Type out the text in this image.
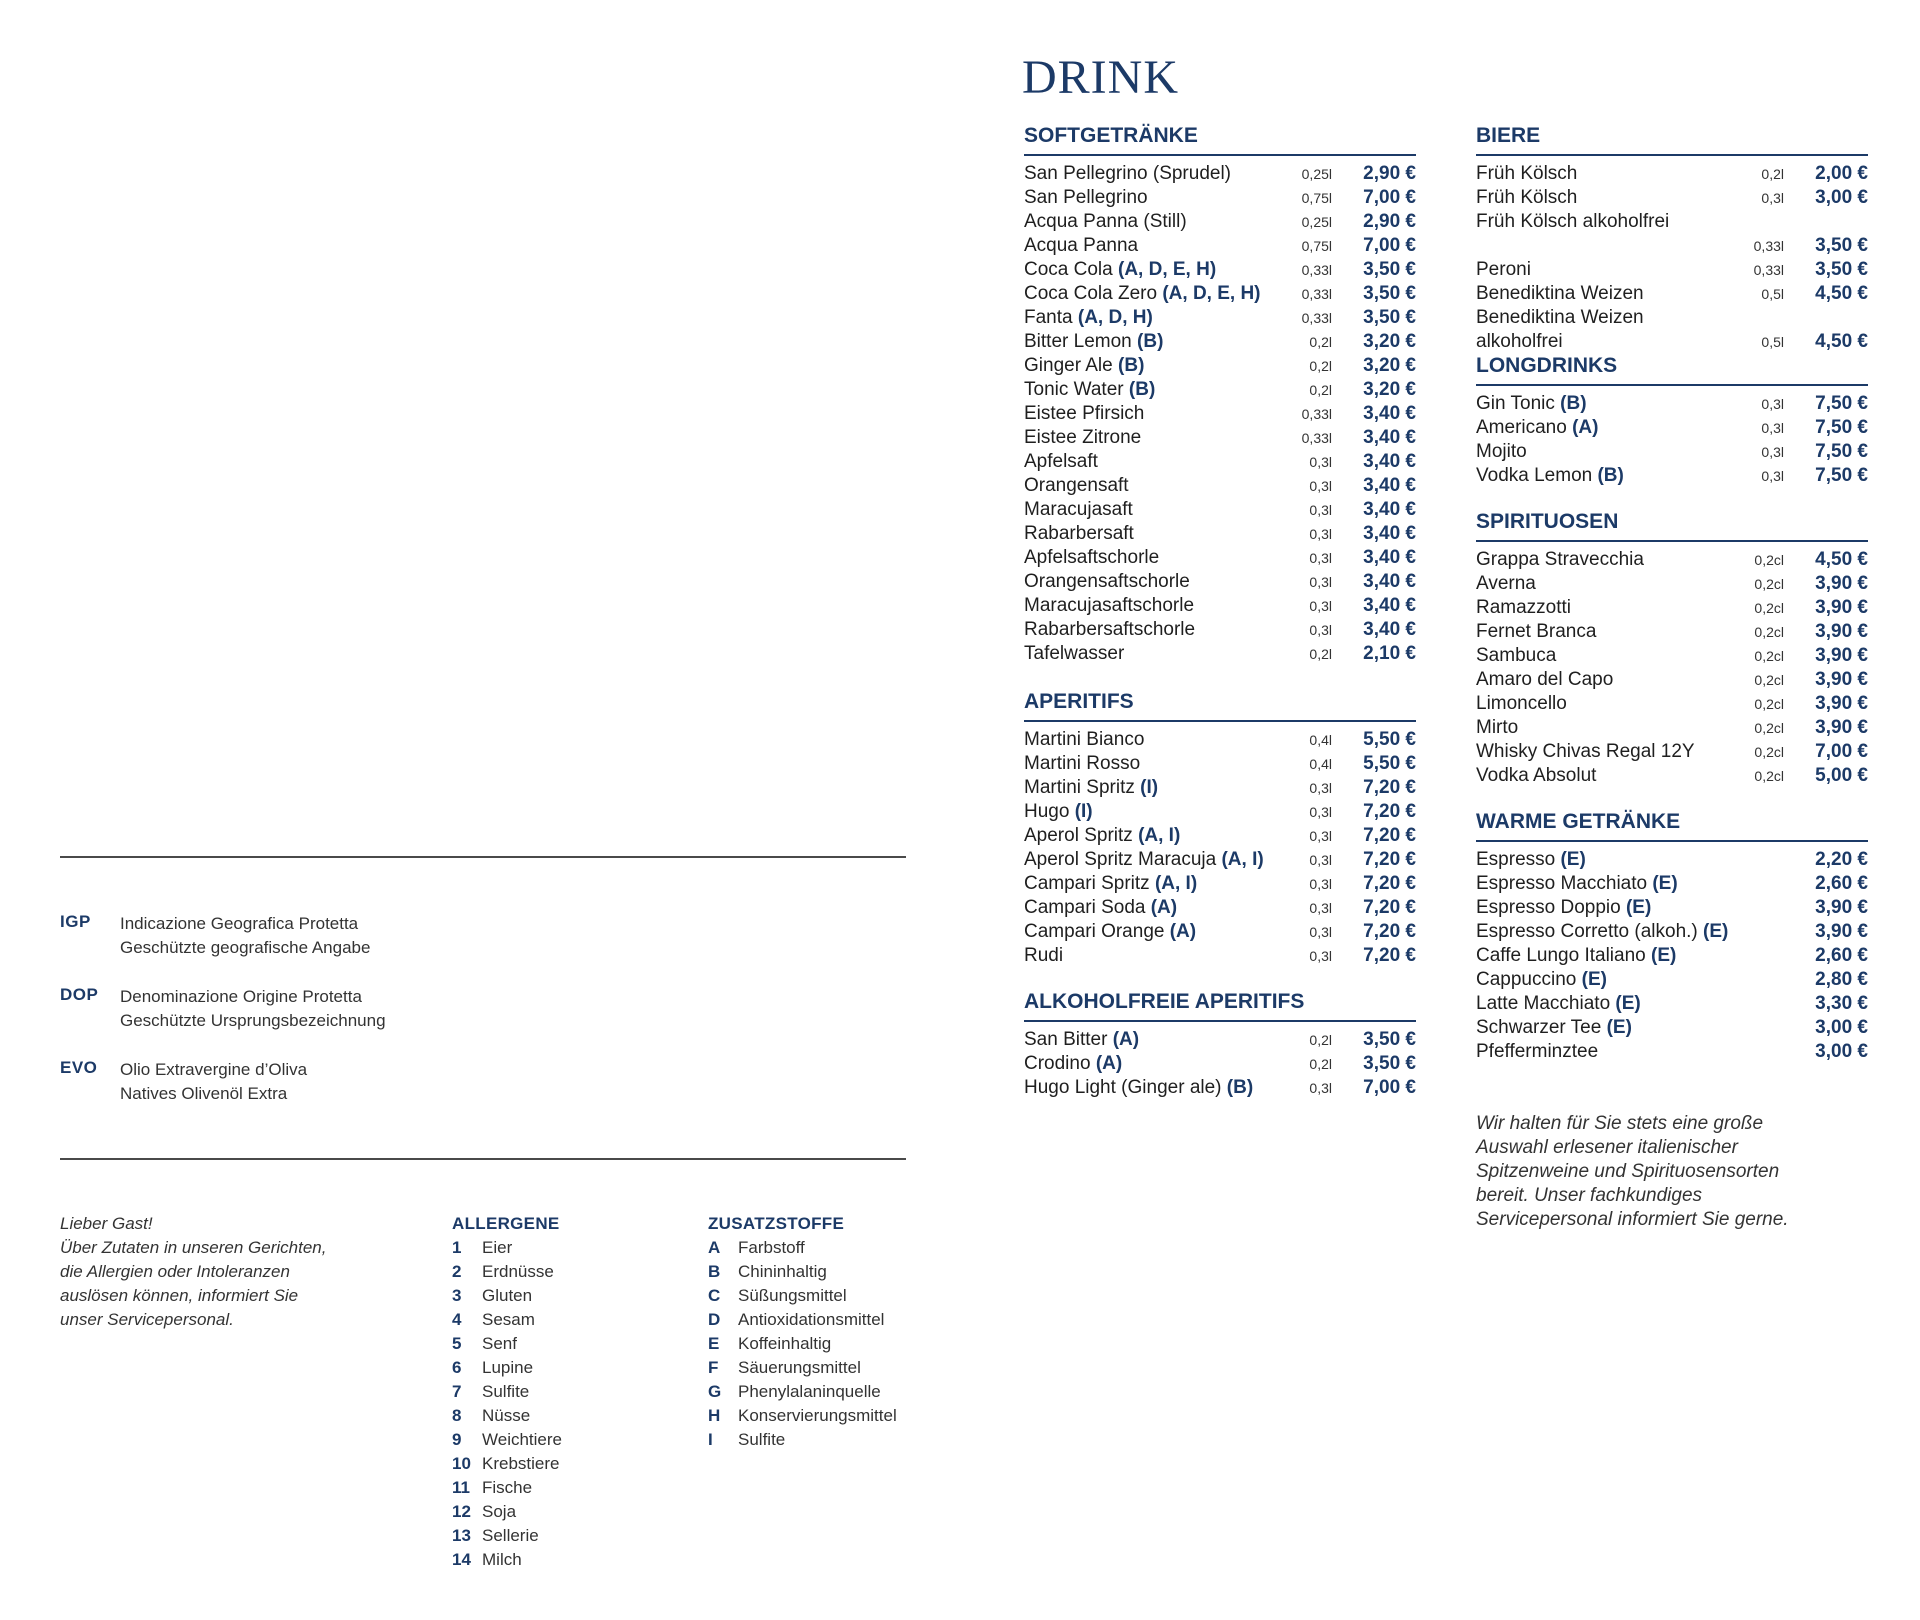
IGP Indicazione Geografica Protetta
Geschützte geografische Angabe
DOP Denominazione Origine Protetta
Geschützte Ursprungsbezeichnung
EVO Olio Extravergine d’Oliva
Natives Olivenöl Extra
Lieber Gast!
Über Zutaten in unseren Gerichten,
die Allergien oder Intoleranzen
auslösen können, informiert Sie
unser Servicepersonal.
ALLERGENE
1 Eier
2 Erdnüsse
3 Gluten
4 Sesam
5 Senf
6 Lupine
7 Sulfite
8 Nüsse
9 Weichtiere
10 Krebstiere
11 Fische
12 Soja
13 Sellerie
14 Milch
ZUSATZSTOFFE
A Farbstoff
B Chininhaltig
C Süßungsmittel
D Antioxidationsmittel
E Koffeinhaltig
F Säuerungsmittel
G Phenylalaninquelle
H Konservierungsmittel
I Sulfite
DRINK
SOFTGETRÄNKE
San Pellegrino (Sprudel)	0,25l 2,90 €
San Pellegrino	0,75l 7,00 €
Acqua Panna (Still)	0,25l 2,90 €
Acqua Panna	0,75l 7,00 €
Coca Cola (A, D, E, H)	0,33l 3,50 €
Coca Cola Zero (A, D, E, H)	0,33l 3,50 €
Fanta (A, D, H)	0,33l 3,50 €
Bitter Lemon (B)	0,2l 3,20 €
Ginger Ale (B)	0,2l 3,20 €
Tonic Water (B)	0,2l 3,20 €
Eistee Pfirsich	0,33l 3,40 €
Eistee Zitrone	0,33l 3,40 €
Apfelsaft	0,3l 3,40 €
Orangensaft	0,3l 3,40 €
Maracujasaft	0,3l 3,40 €
Rabarbersaft	0,3l 3,40 €
Apfelsaftschorle	0,3l 3,40 €
Orangensaftschorle	0,3l 3,40 €
Maracujasaftschorle	0,3l 3,40 €
Rabarbersaftschorle	0,3l 3,40 €
Tafelwasser	0,2l 2,10 €
APERITIFS
Martini Bianco	0,4l 5,50 €
Martini Rosso	0,4l 5,50 €
Martini Spritz (I)	0,3l 7,20 €
Hugo (I)	0,3l 7,20 €
Aperol Spritz (A, I)	0,3l 7,20 €
Aperol Spritz Maracuja (A, I)	0,3l 7,20 €
Campari Spritz (A, I)	0,3l 7,20 €
Campari Soda (A)	0,3l 7,20 €
Campari Orange (A)	0,3l 7,20 €
Rudi	0,3l 7,20 €
ALKOHOLFREIE APERITIFS
San Bitter (A)	0,2l 3,50 €
Crodino (A)	0,2l 3,50 €
Hugo Light (Ginger ale) (B)	0,3l 7,00 €
BIERE
Früh Kölsch	0,2l 2,00 €
Früh Kölsch	0,3l 3,00 €
Früh Kölsch alkoholfrei
0,33l 3,50 €
Peroni	0,33l 3,50 €
Benediktina Weizen	0,5l 4,50 €
Benediktina Weizen alkoholfrei	0,5l 4,50 €
LONGDRINKS
Gin Tonic (B)	0,3l 7,50 €
Americano (A)	0,3l 7,50 €
Mojito	0,3l 7,50 €
Vodka Lemon (B)	0,3l 7,50 €
SPIRITUOSEN
Grappa Stravecchia	0,2cl 4,50 €
Averna	0,2cl 3,90 €
Ramazzotti	0,2cl 3,90 €
Fernet Branca	0,2cl 3,90 €
Sambuca	0,2cl 3,90 €
Amaro del Capo	0,2cl 3,90 €
Limoncello	0,2cl 3,90 €
Mirto	0,2cl 3,90 €
Whisky Chivas Regal 12Y	0,2cl 7,00 €
Vodka Absolut	0,2cl 5,00 €
WARME GETRÄNKE
Espresso (E)	2,20 €
Espresso Macchiato (E)	2,60 €
Espresso Doppio (E)	3,90 €
Espresso Corretto (alkoh.) (E)	3,90 €
Caffe Lungo Italiano (E)	2,60 €
Cappuccino (E)	2,80 €
Latte Macchiato (E)	3,30 €
Schwarzer Tee (E)	3,00 €
Pfefferminztee	3,00 €
Wir halten für Sie stets eine große
Auswahl erlesener italienischer
Spitzenweine und Spirituosensorten
bereit. Unser fachkundiges
Servicepersonal informiert Sie gerne.
